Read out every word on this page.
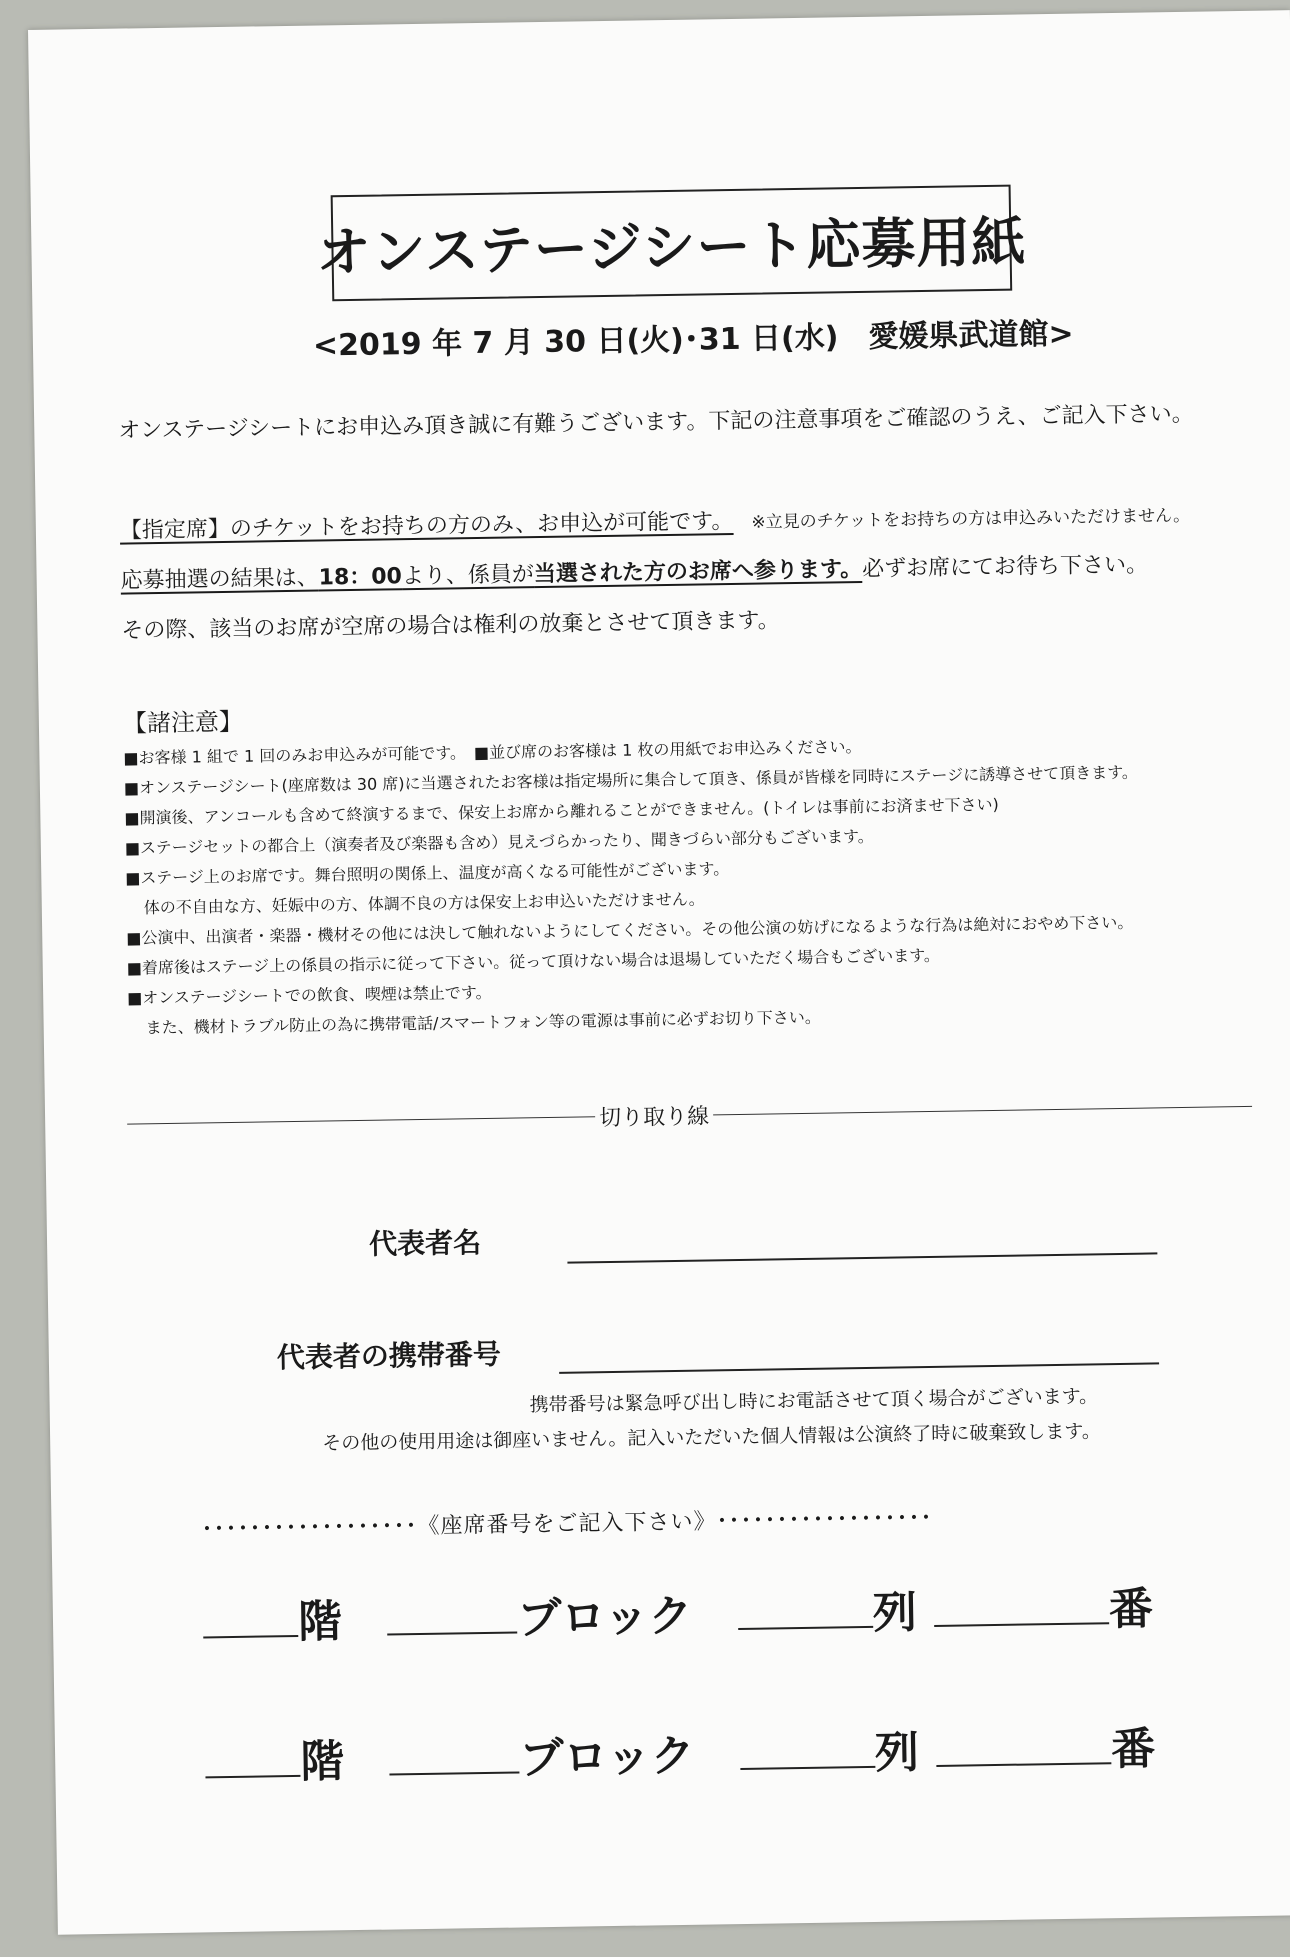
オンステージシート応募用紙
<2019 年 7 月 30 日(火)･31 日(水)　愛媛県武道館>
オンステージシートにお申込み頂き誠に有難うございます。下記の注意事項をご確認のうえ、ご記入下さい。
【指定席】のチケットをお持ちの方のみ、お申込が可能です。 ※立見のチケットをお持ちの方は申込みいただけません。
応募抽選の結果は、18：00より、係員が当選された方のお席へ参ります。必ずお席にてお待ち下さい。
その際、該当のお席が空席の場合は権利の放棄とさせて頂きます。
【諸注意】
■お客様 1 組で 1 回のみお申込みが可能です。　■並び席のお客様は 1 枚の用紙でお申込みください。
■オンステージシート(座席数は 30 席)に当選されたお客様は指定場所に集合して頂き、係員が皆様を同時にステージに誘導させて頂きます。
■開演後、アンコールも含めて終演するまで、保安上お席から離れることができません。(トイレは事前にお済ませ下さい)
■ステージセットの都合上（演奏者及び楽器も含め）見えづらかったり、聞きづらい部分もございます。
■ステージ上のお席です。舞台照明の関係上、温度が高くなる可能性がございます。
体の不自由な方、妊娠中の方、体調不良の方は保安上お申込いただけません。
■公演中、出演者・楽器・機材その他には決して触れないようにしてください。その他公演の妨げになるような行為は絶対におやめ下さい。
■着席後はステージ上の係員の指示に従って下さい。従って頂けない場合は退場していただく場合もございます。
■オンステージシートでの飲食、喫煙は禁止です。
また、機材トラブル防止の為に携帯電話/スマートフォン等の電源は事前に必ずお切り下さい。
切り取り線
代表者名
代表者の携帯番号
携帯番号は緊急呼び出し時にお電話させて頂く場合がございます。
その他の使用用途は御座いません。記入いただいた個人情報は公演終了時に破棄致します。
･･････････････････《座席番号をご記入下さい》･･････････････････
階	ブロック	列	番
階	ブロック	列	番
